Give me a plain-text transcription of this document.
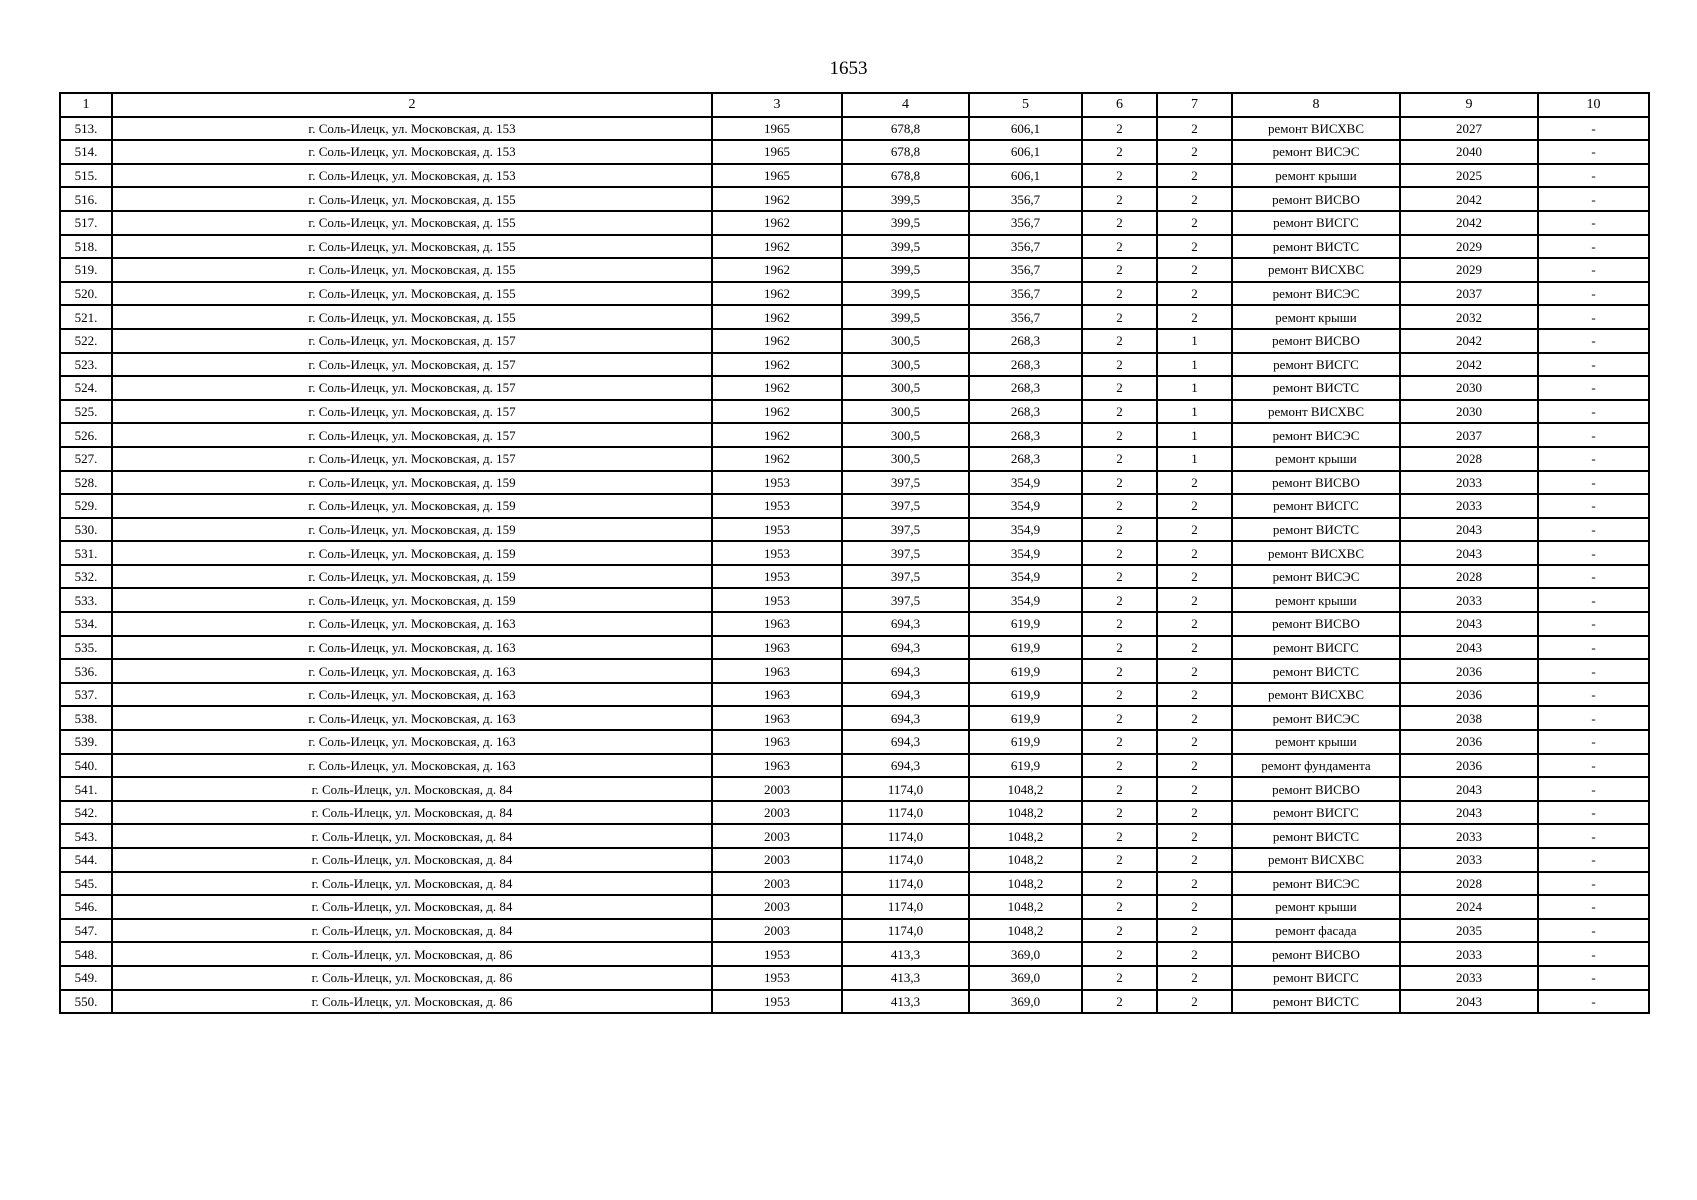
1653
1	2	3	4	5	6	7	8	9	10
513.	г. Соль-Илецк, ул. Московская, д. 153	1965	678,8	606,1	2	2	ремонт ВИСХВС	2027	-
514.	г. Соль-Илецк, ул. Московская, д. 153	1965	678,8	606,1	2	2	ремонт ВИСЭС	2040	-
515.	г. Соль-Илецк, ул. Московская, д. 153	1965	678,8	606,1	2	2	ремонт крыши	2025	-
516.	г. Соль-Илецк, ул. Московская, д. 155	1962	399,5	356,7	2	2	ремонт ВИСВО	2042	-
517.	г. Соль-Илецк, ул. Московская, д. 155	1962	399,5	356,7	2	2	ремонт ВИСГС	2042	-
518.	г. Соль-Илецк, ул. Московская, д. 155	1962	399,5	356,7	2	2	ремонт ВИСТС	2029	-
519.	г. Соль-Илецк, ул. Московская, д. 155	1962	399,5	356,7	2	2	ремонт ВИСХВС	2029	-
520.	г. Соль-Илецк, ул. Московская, д. 155	1962	399,5	356,7	2	2	ремонт ВИСЭС	2037	-
521.	г. Соль-Илецк, ул. Московская, д. 155	1962	399,5	356,7	2	2	ремонт крыши	2032	-
522.	г. Соль-Илецк, ул. Московская, д. 157	1962	300,5	268,3	2	1	ремонт ВИСВО	2042	-
523.	г. Соль-Илецк, ул. Московская, д. 157	1962	300,5	268,3	2	1	ремонт ВИСГС	2042	-
524.	г. Соль-Илецк, ул. Московская, д. 157	1962	300,5	268,3	2	1	ремонт ВИСТС	2030	-
525.	г. Соль-Илецк, ул. Московская, д. 157	1962	300,5	268,3	2	1	ремонт ВИСХВС	2030	-
526.	г. Соль-Илецк, ул. Московская, д. 157	1962	300,5	268,3	2	1	ремонт ВИСЭС	2037	-
527.	г. Соль-Илецк, ул. Московская, д. 157	1962	300,5	268,3	2	1	ремонт крыши	2028	-
528.	г. Соль-Илецк, ул. Московская, д. 159	1953	397,5	354,9	2	2	ремонт ВИСВО	2033	-
529.	г. Соль-Илецк, ул. Московская, д. 159	1953	397,5	354,9	2	2	ремонт ВИСГС	2033	-
530.	г. Соль-Илецк, ул. Московская, д. 159	1953	397,5	354,9	2	2	ремонт ВИСТС	2043	-
531.	г. Соль-Илецк, ул. Московская, д. 159	1953	397,5	354,9	2	2	ремонт ВИСХВС	2043	-
532.	г. Соль-Илецк, ул. Московская, д. 159	1953	397,5	354,9	2	2	ремонт ВИСЭС	2028	-
533.	г. Соль-Илецк, ул. Московская, д. 159	1953	397,5	354,9	2	2	ремонт крыши	2033	-
534.	г. Соль-Илецк, ул. Московская, д. 163	1963	694,3	619,9	2	2	ремонт ВИСВО	2043	-
535.	г. Соль-Илецк, ул. Московская, д. 163	1963	694,3	619,9	2	2	ремонт ВИСГС	2043	-
536.	г. Соль-Илецк, ул. Московская, д. 163	1963	694,3	619,9	2	2	ремонт ВИСТС	2036	-
537.	г. Соль-Илецк, ул. Московская, д. 163	1963	694,3	619,9	2	2	ремонт ВИСХВС	2036	-
538.	г. Соль-Илецк, ул. Московская, д. 163	1963	694,3	619,9	2	2	ремонт ВИСЭС	2038	-
539.	г. Соль-Илецк, ул. Московская, д. 163	1963	694,3	619,9	2	2	ремонт крыши	2036	-
540.	г. Соль-Илецк, ул. Московская, д. 163	1963	694,3	619,9	2	2	ремонт фундамента	2036	-
541.	г. Соль-Илецк, ул. Московская, д. 84	2003	1174,0	1048,2	2	2	ремонт ВИСВО	2043	-
542.	г. Соль-Илецк, ул. Московская, д. 84	2003	1174,0	1048,2	2	2	ремонт ВИСГС	2043	-
543.	г. Соль-Илецк, ул. Московская, д. 84	2003	1174,0	1048,2	2	2	ремонт ВИСТС	2033	-
544.	г. Соль-Илецк, ул. Московская, д. 84	2003	1174,0	1048,2	2	2	ремонт ВИСХВС	2033	-
545.	г. Соль-Илецк, ул. Московская, д. 84	2003	1174,0	1048,2	2	2	ремонт ВИСЭС	2028	-
546.	г. Соль-Илецк, ул. Московская, д. 84	2003	1174,0	1048,2	2	2	ремонт крыши	2024	-
547.	г. Соль-Илецк, ул. Московская, д. 84	2003	1174,0	1048,2	2	2	ремонт фасада	2035	-
548.	г. Соль-Илецк, ул. Московская, д. 86	1953	413,3	369,0	2	2	ремонт ВИСВО	2033	-
549.	г. Соль-Илецк, ул. Московская, д. 86	1953	413,3	369,0	2	2	ремонт ВИСГС	2033	-
550.	г. Соль-Илецк, ул. Московская, д. 86	1953	413,3	369,0	2	2	ремонт ВИСТС	2043	-
